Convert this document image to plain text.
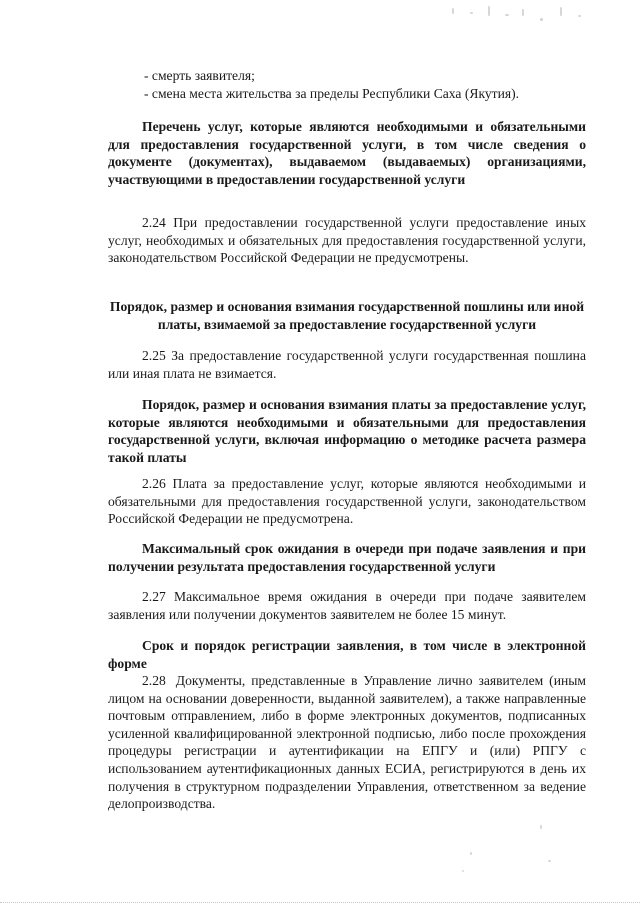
- смерть заявителя;
- смена места жительства за пределы Республики Саха (Якутия).
Перечень услуг, которые являются необходимыми и обязательными для предоставления государственной услуги, в том числе сведения о документе (документах), выдаваемом (выдаваемых) организациями, участвующими в предоставлении государственной услуги
2.24 При предоставлении государственной услуги предоставление иных услуг, необходимых и обязательных для предоставления государственной услуги, законодательством Российской Федерации не предусмотрены.
Порядок, размер и основания взимания государственной пошлины или иной платы, взимаемой за предоставление государственной услуги
2.25 За предоставление государственной услуги государственная пошлина или иная плата не взимается.
Порядок, размер и основания взимания платы за предоставление услуг, которые являются необходимыми и обязательными для предоставления государственной услуги, включая информацию о методике расчета размера такой платы
2.26 Плата за предоставление услуг, которые являются необходимыми и обязательными для предоставления государственной услуги, законодательством Российской Федерации не предусмотрена.
Максимальный срок ожидания в очереди при подаче заявления и при получении результата предоставления государственной услуги
2.27 Максимальное время ожидания в очереди при подаче заявителем заявления или получении документов заявителем не более 15 минут.
Срок и порядок регистрации заявления, в том числе в электронной форме
2.28 Документы, представленные в Управление лично заявителем (иным лицом на основании доверенности, выданной заявителем), а также направленные почтовым отправлением, либо в форме электронных документов, подписанных усиленной квалифицированной электронной подписью, либо после прохождения процедуры регистрации и аутентификации на ЕПГУ и (или) РПГУ с использованием аутентификационных данных ЕСИА, регистрируются в день их получения в структурном подразделении Управления, ответственном за ведение делопроизводства.
